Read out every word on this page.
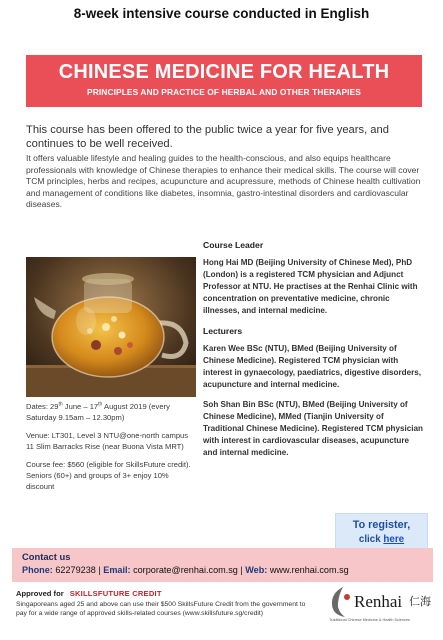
8-week intensive course conducted in English
CHINESE MEDICINE FOR HEALTH
PRINCIPLES AND PRACTICE OF HERBAL AND OTHER THERAPIES
This course has been offered to the public twice a year for five years, and continues to be well received.
It offers valuable lifestyle and healing guides to the health-conscious, and also equips healthcare professionals with knowledge of Chinese therapies to enhance their medical skills. The course will cover TCM principles, herbs and recipes, acupuncture and acupressure, methods of Chinese health cultivation and management of conditions like diabetes, insomnia, gastro-intestinal disorders and cardiovascular diseases.

Dates: 29th June – 17th August 2019 (every Saturday 9.15am – 12.30pm)

Venue: LT301, Level 3 NTU@one-north campus 11 Slim Barracks Rise (near Buona Vista MRT)

Course fee: $560 (eligible for SkillsFuture credit). Seniors (60+) and groups of 3+ enjoy 10% discount

Course Leader

Hong Hai MD (Beijing University of Chinese Med), PhD (London) is a registered TCM physician and Adjunct Professor at NTU. He practises at the Renhai Clinic with concentration on preventative medicine, chronic illnesses, and internal medicine.

Lecturers

Karen Wee BSc (NTU), BMed (Beijing University of Chinese Medicine). Registered TCM physician with interest in gynaecology, paediatrics, digestive disorders, acupuncture and internal medicine.

Soh Shan Bin BSc (NTU), BMed (Beijing University of Chinese Medicine), MMed (Tianjin University of Traditional Chinese Medicine). Registered TCM physician with interest in cardiovascular diseases, acupuncture and internal medicine.

To register,
click here
Contact us
Phone: 62279238 | Email: corporate@renhai.com.sg | Web: www.renhai.com.sg
Approved for SKILLSFUTURE CREDIT
Singaporeans aged 25 and above can use their $500 SkillsFuture Credit from the government to pay for a wide range of approved skills-related courses (www.skillsfuture.sg/credit)
Renhai 仁海
Traditional Chinese Medicine & Health Sciences
